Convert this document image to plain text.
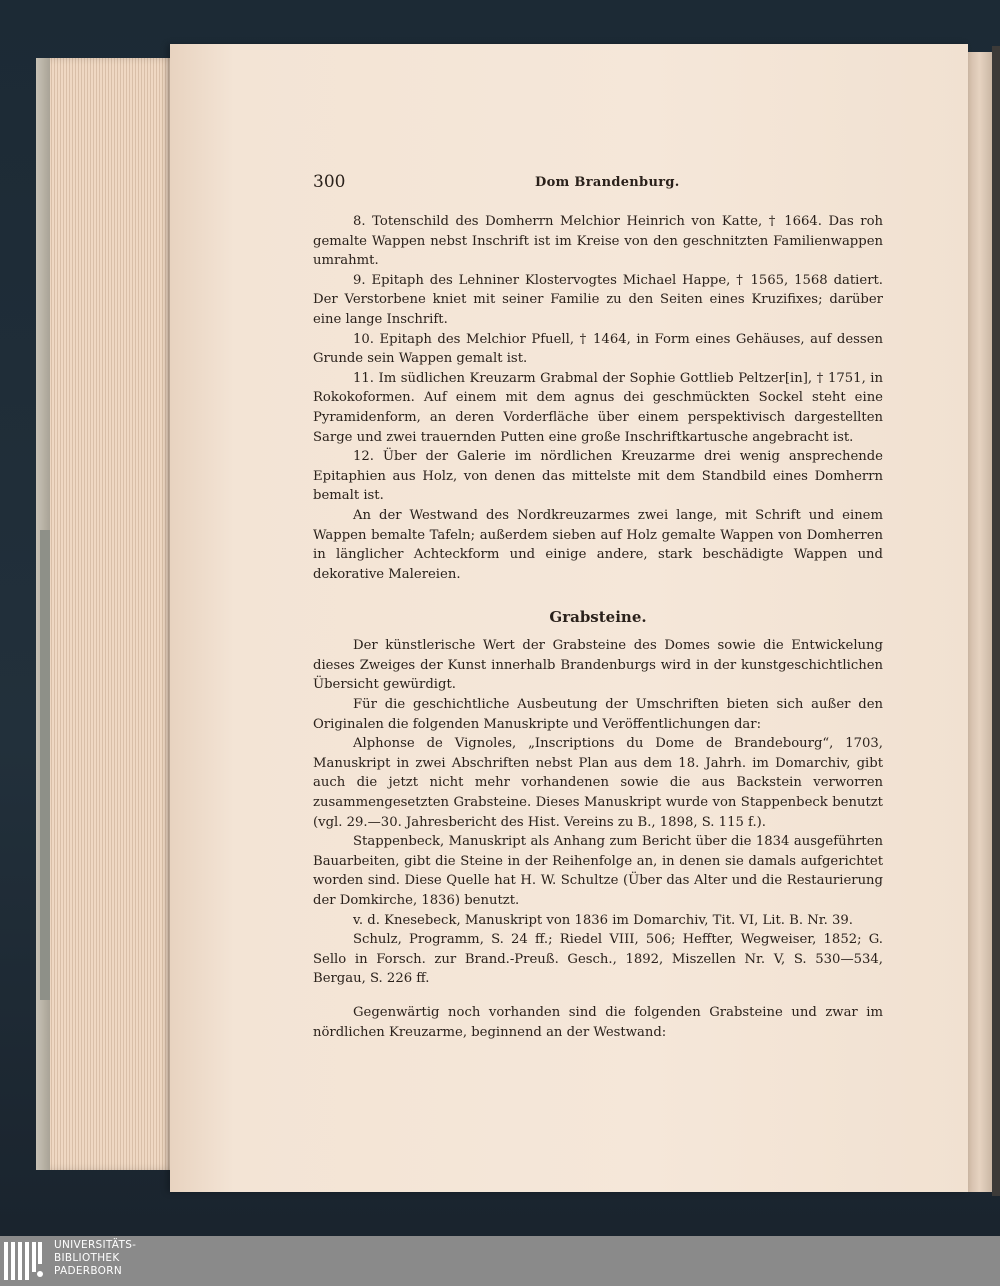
300	Dom Brandenburg.

8. Totenschild des Domherrn Melchior Heinrich von Katte, † 1664. Das roh gemalte Wappen nebst Inschrift ist im Kreise von den geschnitzten Familienwappen umrahmt.

9. Epitaph des Lehniner Klostervogtes Michael Happe, † 1565, 1568 datiert. Der Verstorbene kniet mit seiner Familie zu den Seiten eines Kruzifixes; darüber eine lange Inschrift.

10. Epitaph des Melchior Pfuell, † 1464, in Form eines Gehäuses, auf dessen Grunde sein Wappen gemalt ist.

11. Im südlichen Kreuzarm Grabmal der Sophie Gottlieb Peltzer[in], † 1751, in Rokokoformen. Auf einem mit dem agnus dei geschmückten Sockel steht eine Pyramidenform, an deren Vorderfläche über einem perspektivisch dargestellten Sarge und zwei trauernden Putten eine große Inschriftkartusche angebracht ist.

12. Über der Galerie im nördlichen Kreuzarme drei wenig ansprechende Epitaphien aus Holz, von denen das mittelste mit dem Standbild eines Domherrn bemalt ist.

An der Westwand des Nordkreuzarmes zwei lange, mit Schrift und einem Wappen bemalte Tafeln; außerdem sieben auf Holz gemalte Wappen von Domherren in länglicher Achteckform und einige andere, stark beschädigte Wappen und dekorative Malereien.

Grabsteine.

Der künstlerische Wert der Grabsteine des Domes sowie die Entwickelung dieses Zweiges der Kunst innerhalb Brandenburgs wird in der kunstgeschichtlichen Übersicht gewürdigt.

Für die geschichtliche Ausbeutung der Umschriften bieten sich außer den Originalen die folgenden Manuskripte und Veröffentlichungen dar:

Alphonse de Vignoles, „Inscriptions du Dome de Brandebourg“, 1703, Manuskript in zwei Abschriften nebst Plan aus dem 18. Jahrh. im Domarchiv, gibt auch die jetzt nicht mehr vorhandenen sowie die aus Backstein verworren zusammengesetzten Grabsteine. Dieses Manuskript wurde von Stappenbeck benutzt (vgl. 29.—30. Jahresbericht des Hist. Vereins zu B., 1898, S. 115 f.).

Stappenbeck, Manuskript als Anhang zum Bericht über die 1834 ausgeführten Bauarbeiten, gibt die Steine in der Reihenfolge an, in denen sie damals aufgerichtet worden sind. Diese Quelle hat H. W. Schultze (Über das Alter und die Restaurierung der Domkirche, 1836) benutzt.

v. d. Knesebeck, Manuskript von 1836 im Domarchiv, Tit. VI, Lit. B. Nr. 39.

Schulz, Programm, S. 24 ff.; Riedel VIII, 506; Heffter, Wegweiser, 1852; G. Sello in Forsch. zur Brand.-Preuß. Gesch., 1892, Miszellen Nr. V, S. 530—534, Bergau, S. 226 ff.

Gegenwärtig noch vorhanden sind die folgenden Grabsteine und zwar im nördlichen Kreuzarme, beginnend an der Westwand:

UNIVERSITÄTS-
BIBLIOTHEK
PADERBORN
